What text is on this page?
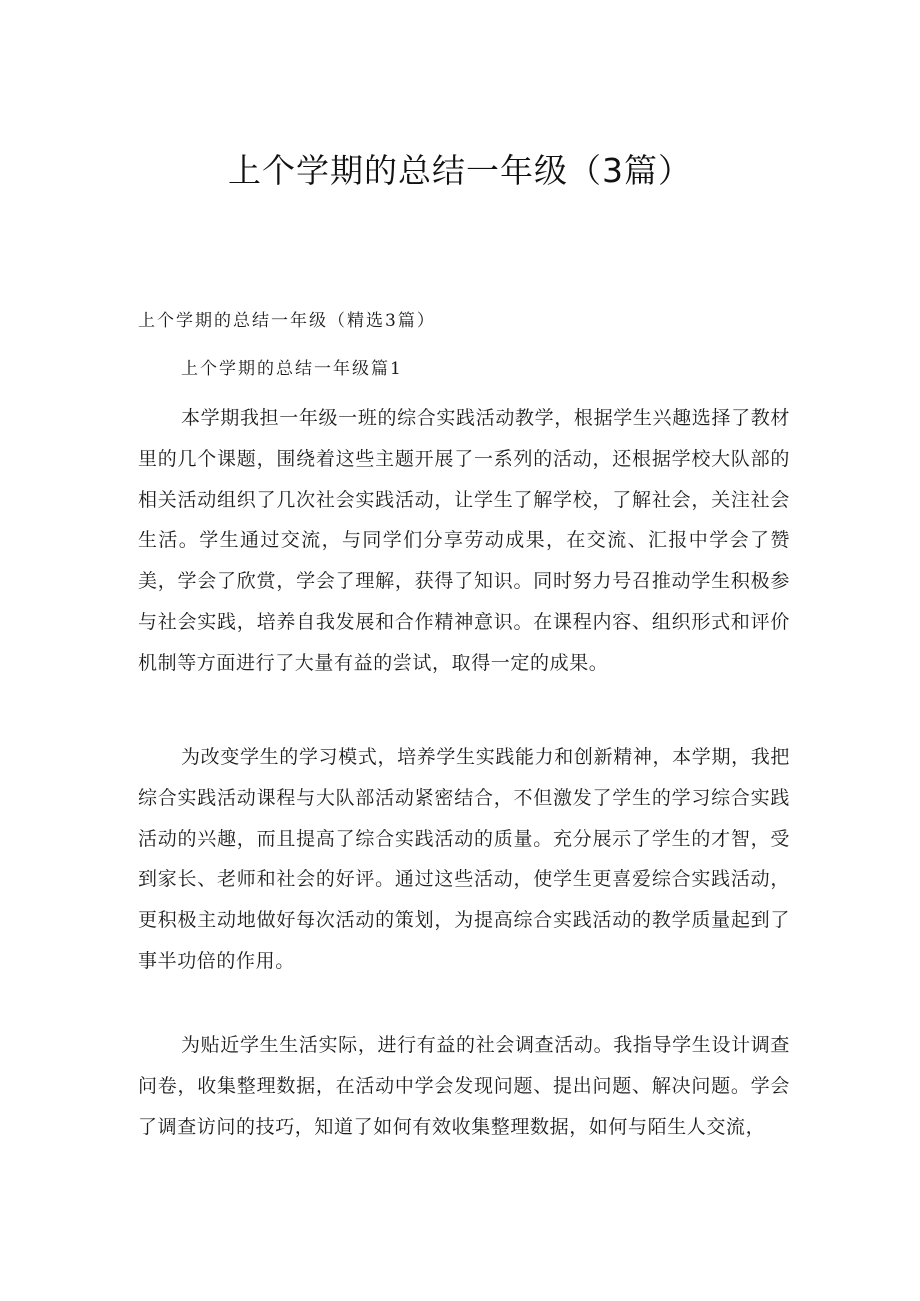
上个学期的总结一年级（3篇）

上个学期的总结一年级（精选3篇）

上个学期的总结一年级篇1

本学期我担一年级一班的综合实践活动教学，根据学生兴趣选择了教材里的几个课题，围绕着这些主题开展了一系列的活动，还根据学校大队部的相关活动组织了几次社会实践活动，让学生了解学校，了解社会，关注社会生活。学生通过交流，与同学们分享劳动成果，在交流、汇报中学会了赞美，学会了欣赏，学会了理解，获得了知识。同时努力号召推动学生积极参与社会实践，培养自我发展和合作精神意识。在课程内容、组织形式和评价机制等方面进行了大量有益的尝试，取得一定的成果。

为改变学生的学习模式，培养学生实践能力和创新精神，本学期，我把综合实践活动课程与大队部活动紧密结合，不但激发了学生的学习综合实践活动的兴趣，而且提高了综合实践活动的质量。充分展示了学生的才智，受到家长、老师和社会的好评。通过这些活动，使学生更喜爱综合实践活动，更积极主动地做好每次活动的策划，为提高综合实践活动的教学质量起到了事半功倍的作用。

为贴近学生生活实际，进行有益的社会调查活动。我指导学生设计调查问卷，收集整理数据，在活动中学会发现问题、提出问题、解决问题。学会了调查访问的技巧，知道了如何有效收集整理数据，如何与陌生人交流，
